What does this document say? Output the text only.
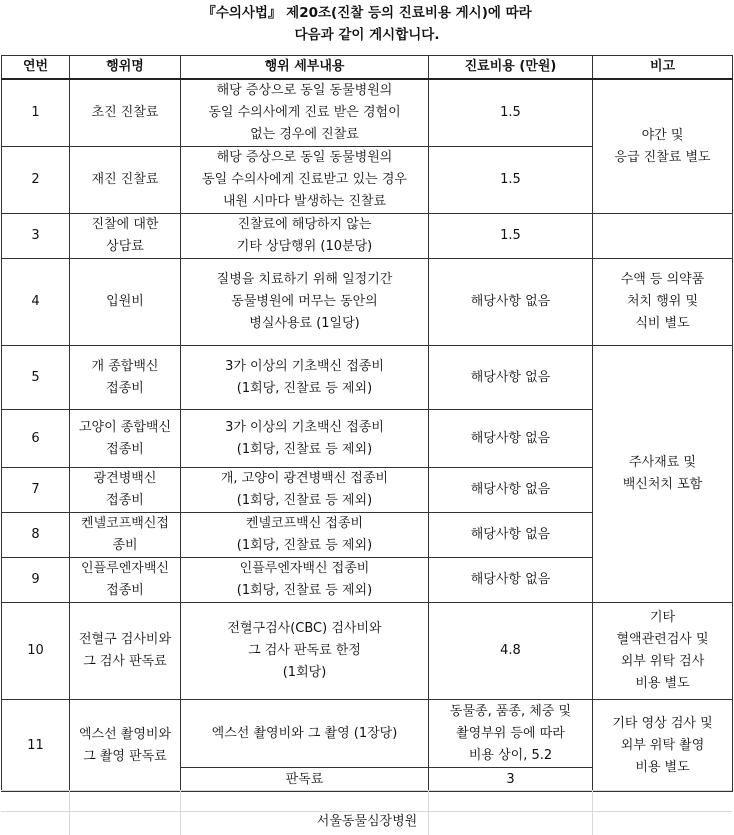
『수의사법』 제20조(진찰 등의 진료비용 게시)에 따라
다음과 같이 게시합니다.
연번	행위명	행위 세부내용	진료비용 (만원)	비고
1	초진 진찰료	해당 증상으로 동일 동물병원의
동일 수의사에게 진료 받은 경험이
없는 경우에 진찰료	1.5	야간 및
응급 진찰료 별도
2	재진 진찰료	해당 증상으로 동일 동물병원의
동일 수의사에게 진료받고 있는 경우
내원 시마다 발생하는 진찰료	1.5	
3	진찰에 대한
상담료	진찰료에 해당하지 않는
기타 상담행위 (10분당)	1.5	
4	입원비	질병을 치료하기 위해 일정기간
동물병원에 머무는 동안의
병실사용료 (1일당)	해당사항 없음	수액 등 의약품
처치 행위 및
식비 별도
5	개 종합백신
접종비	3가 이상의 기초백신 접종비
(1회당, 진찰료 등 제외)	해당사항 없음	주사재료 및
백신처치 포함
6	고양이 종합백신
접종비	3가 이상의 기초백신 접종비
(1회당, 진찰료 등 제외)	해당사항 없음	
7	광견병백신
접종비	개, 고양이 광견병백신 접종비
(1회당, 진찰료 등 제외)	해당사항 없음	
8	켄넬코프백신접
종비	켄넬코프백신 접종비
(1회당, 진찰료 등 제외)	해당사항 없음	
9	인플루엔자백신
접종비	인플루엔자백신 접종비
(1회당, 진찰료 등 제외)	해당사항 없음	
10	전혈구 검사비와
그 검사 판독료	전혈구검사(CBC) 검사비와
그 검사 판독료 한정
(1회당)	4.8	기타
혈액관련검사 및
외부 위탁 검사
비용 별도
11	엑스선 촬영비와
그 촬영 판독료	엑스선 촬영비와 그 촬영 (1장당)	동물종, 품종, 체중 및
촬영부위 등에 따라
비용 상이, 5.2	기타 영상 검사 및
외부 위탁 촬영
비용 별도
		판독료	3	
서울동물심장병원
